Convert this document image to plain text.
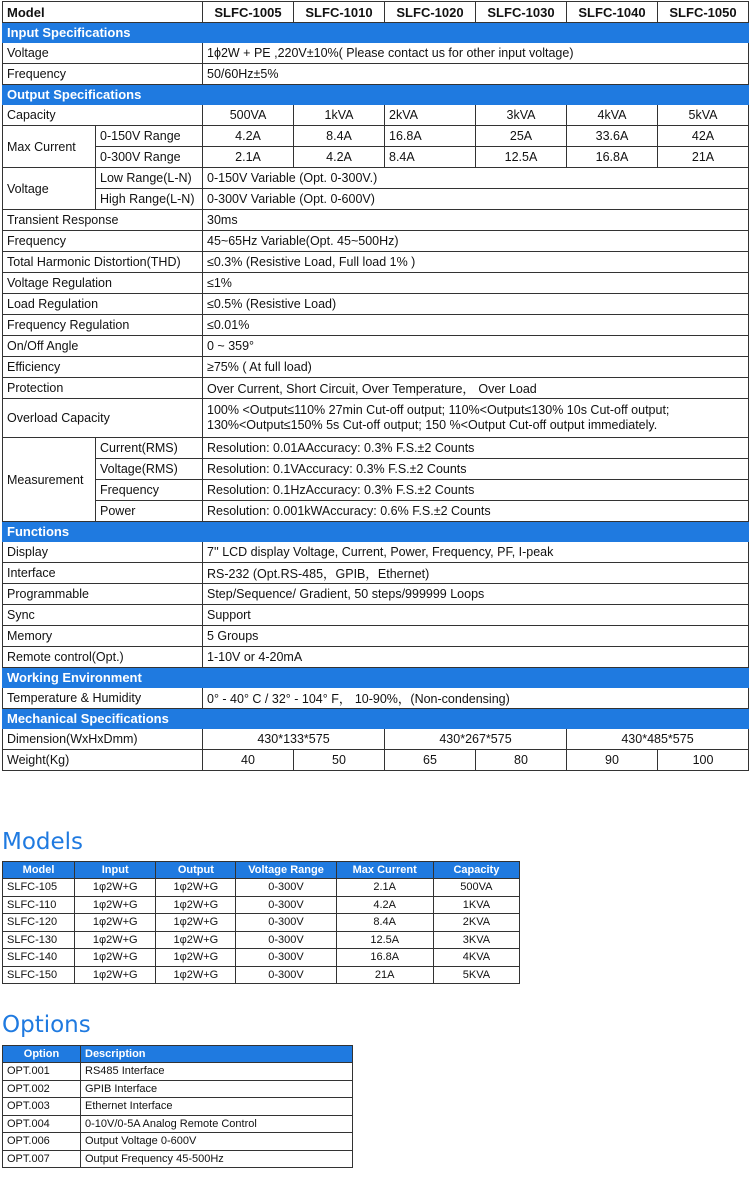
Model		SLFC-1005	SLFC-1010	SLFC-1020	SLFC-1030	SLFC-1040	SLFC-1050
Input Specifications							
Voltage		1ϕ2W + PE ,220V±10%( Please contact us for other input voltage)					
Frequency		50/60Hz±5%					
Output Specifications							
Capacity		500VA	1kVA	2kVA	3kVA	4kVA	5kVA
Max Current	0-150V Range	4.2A	8.4A	16.8A	25A	33.6A	42A
	0-300V Range	2.1A	4.2A	8.4A	12.5A	16.8A	21A
Voltage	Low Range(L-N)	0-150V Variable (Opt. 0-300V.)					
	High Range(L-N)	0-300V Variable (Opt. 0-600V)					
Transient Response		30ms					
Frequency		45~65Hz Variable(Opt. 45~500Hz)					
Total Harmonic Distortion(THD)		≤0.3% (Resistive Load, Full load 1% )					
Voltage Regulation		≤1%					
Load Regulation		≤0.5% (Resistive Load)					
Frequency Regulation		≤0.01%					
On/Off Angle		0 ~ 359°					
Efficiency		≥75% ( At full load)					
Protection		Over Current, Short Circuit, Over Temperature， Over Load					
Overload Capacity		100% <Output≤110% 27min Cut-off output; 110%<Output≤130% 10s Cut-off output;
130%<Output≤150% 5s Cut-off output; 150 %<Output Cut-off output immediately.					

Measurement	Current(RMS)	Resolution: 0.01AAccuracy: 0.3% F.S.±2 Counts					
	Voltage(RMS)	Resolution: 0.1VAccuracy: 0.3% F.S.±2 Counts					
	Frequency	Resolution: 0.1HzAccuracy: 0.3% F.S.±2 Counts					
	Power	Resolution: 0.001kWAccuracy: 0.6% F.S.±2 Counts					
Functions							
Display		7'' LCD display Voltage, Current, Power, Frequency, PF, I-peak					
Interface		RS-232 (Opt.RS-485，GPIB，Ethernet)					
Programmable		Step/Sequence/ Gradient, 50 steps/999999 Loops					
Sync		Support					
Memory		5 Groups					
Remote control(Opt.)		1-10V or 4-20mA					
Working Environment							
Temperature & Humidity		0° - 40° C / 32° - 104° F， 10-90%，(Non-condensing)					
Mechanical Specifications							
Dimension(WxHxDmm)		430*133*575		430*267*575		430*485*575	
Weight(Kg)		40	50	65	80	90	100
Models
Model	Input	Output	Voltage Range	Max Current	Capacity
SLFC-105	1φ2W+G	1φ2W+G	0-300V	2.1A	500VA
SLFC-110	1φ2W+G	1φ2W+G	0-300V	4.2A	1KVA
SLFC-120	1φ2W+G	1φ2W+G	0-300V	8.4A	2KVA
SLFC-130	1φ2W+G	1φ2W+G	0-300V	12.5A	3KVA
SLFC-140	1φ2W+G	1φ2W+G	0-300V	16.8A	4KVA
SLFC-150	1φ2W+G	1φ2W+G	0-300V	21A	5KVA
Options
Option	Description
OPT.001	RS485 Interface
OPT.002	GPIB Interface
OPT.003	Ethernet Interface
OPT.004	0-10V/0-5A Analog Remote Control
OPT.006	Output Voltage 0-600V
OPT.007	Output Frequency 45-500Hz
